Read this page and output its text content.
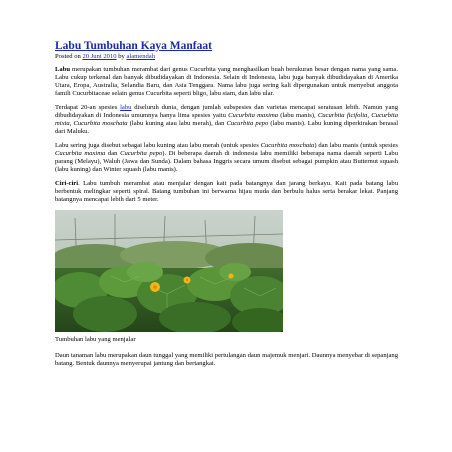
Labu Tumbuhan Kaya Manfaat
Posted on 20 Juni 2010 by alamendah

Labu merupakan tumbuhan merambat dari genus Cucurbita yang menghasilkan buah berukuran besar dengan nama yang sama. Labu cukup terkenal dan banyak dibudidayakan di Indonesia. Selain di Indonesia, labu juga banyak dibudidayakan di Amerika Utara, Eropa, Australia, Selandia Baru, dan Asia Tenggara. Nama labu juga sering kali dipergunakan untuk menyebut anggota famili Cucurbitaceae selain genus Cucurbita seperti bligo, labu siam, dan labu ular.

Terdapat 20-an spesies labu diseluruh dunia, dengan jumlah subspesies dan varietas mencapai seratusan lebih. Namun yang dibudidayakan di Indonesia umumnya hanya lima spesies yaitu Cucurbita maxima (labu manis), Cucurbita ficifolia, Cucurbita mixta, Cucurbita moschata (labu kuning atau labu merah), dan Cucurbita pepo (labu manis). Labu kuning diperkirakan berasal dari Maluku.

Labu sering juga disebut sebagai labu kuning atau labu merah (untuk spesies Cucurbita moschata) dan labu manis (untuk spesies Cucurbita maxima dan Cucurbita pepo). Di beberapa daerah di indonesia labu memiliki beberapa nama daerah seperti Labu parang (Melayu), Waluh (Jawa dan Sunda). Dalam bahasa Inggris secara umum disebut sebagai pumpkin atau Butternut squash (labu kuning) dan Winter squash (labu manis).

Ciri-ciri. Labu tumbuh merambat atau menjalar dengan kait pada batangnya dan jarang berkayu. Kait pada batang labu berbentuk melingkar seperti spiral. Batang tumbuhan ini berwarna hijau muda dan berbulu halus serta berakar lekat. Panjang batangnya mencapai lebih dari 5 meter.

Tumbuhan labu yang menjalar

Daun tanaman labu merupakan daun tunggal yang memiliki pertulangan daun majemuk menjari. Daunnya menyebar di sepanjang batang. Bentuk daunnya menyerupai jantung dan bertangkai.
